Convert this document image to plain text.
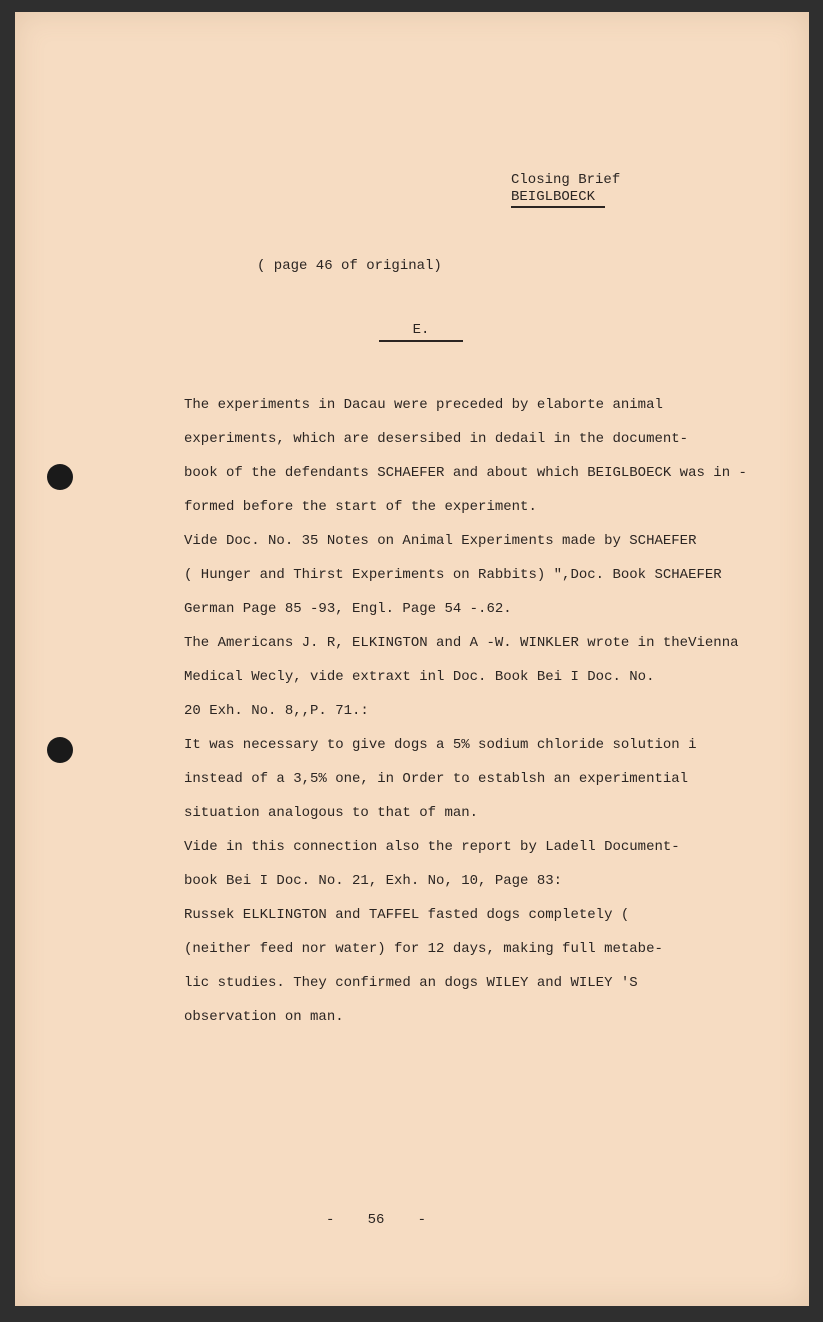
Closing Brief
BEIGLBOECK
( page 46 of original)
E.

The experiments in Dacau were preceded by elaborte animal

experiments, which are desersibed in dedail in the document-

book of the defendants SCHAEFER and about which BEIGLBOECK was in -

formed before the start of the experiment.

Vide Doc. No. 35 Notes on Animal Experiments made by SCHAEFER

( Hunger and Thirst Experiments on Rabbits) ",Doc. Book SCHAEFER

German Page 85 -93, Engl. Page 54 -.62.

The Americans J. R, ELKINGTON and A -W. WINKLER wrote in theVienna

Medical Wecly, vide extraxt inl Doc. Book Bei I Doc. No.

20 Exh. No. 8,,P. 71.:

It was necessary to give dogs a 5% sodium chloride solution i

instead of a 3,5% one, in Order to establsh an experimential

situation analogous to that of man.

Vide in this connection also the report by Ladell Document-

book Bei I Doc. No. 21, Exh. No, 10, Page 83:

Russek ELKLINGTON and TAFFEL fasted dogs completely (

(neither feed nor water) for 12 days, making full metabe-

lic studies. They confirmed an dogs WILEY and WILEY 'S

observation on man.

- 56 -
